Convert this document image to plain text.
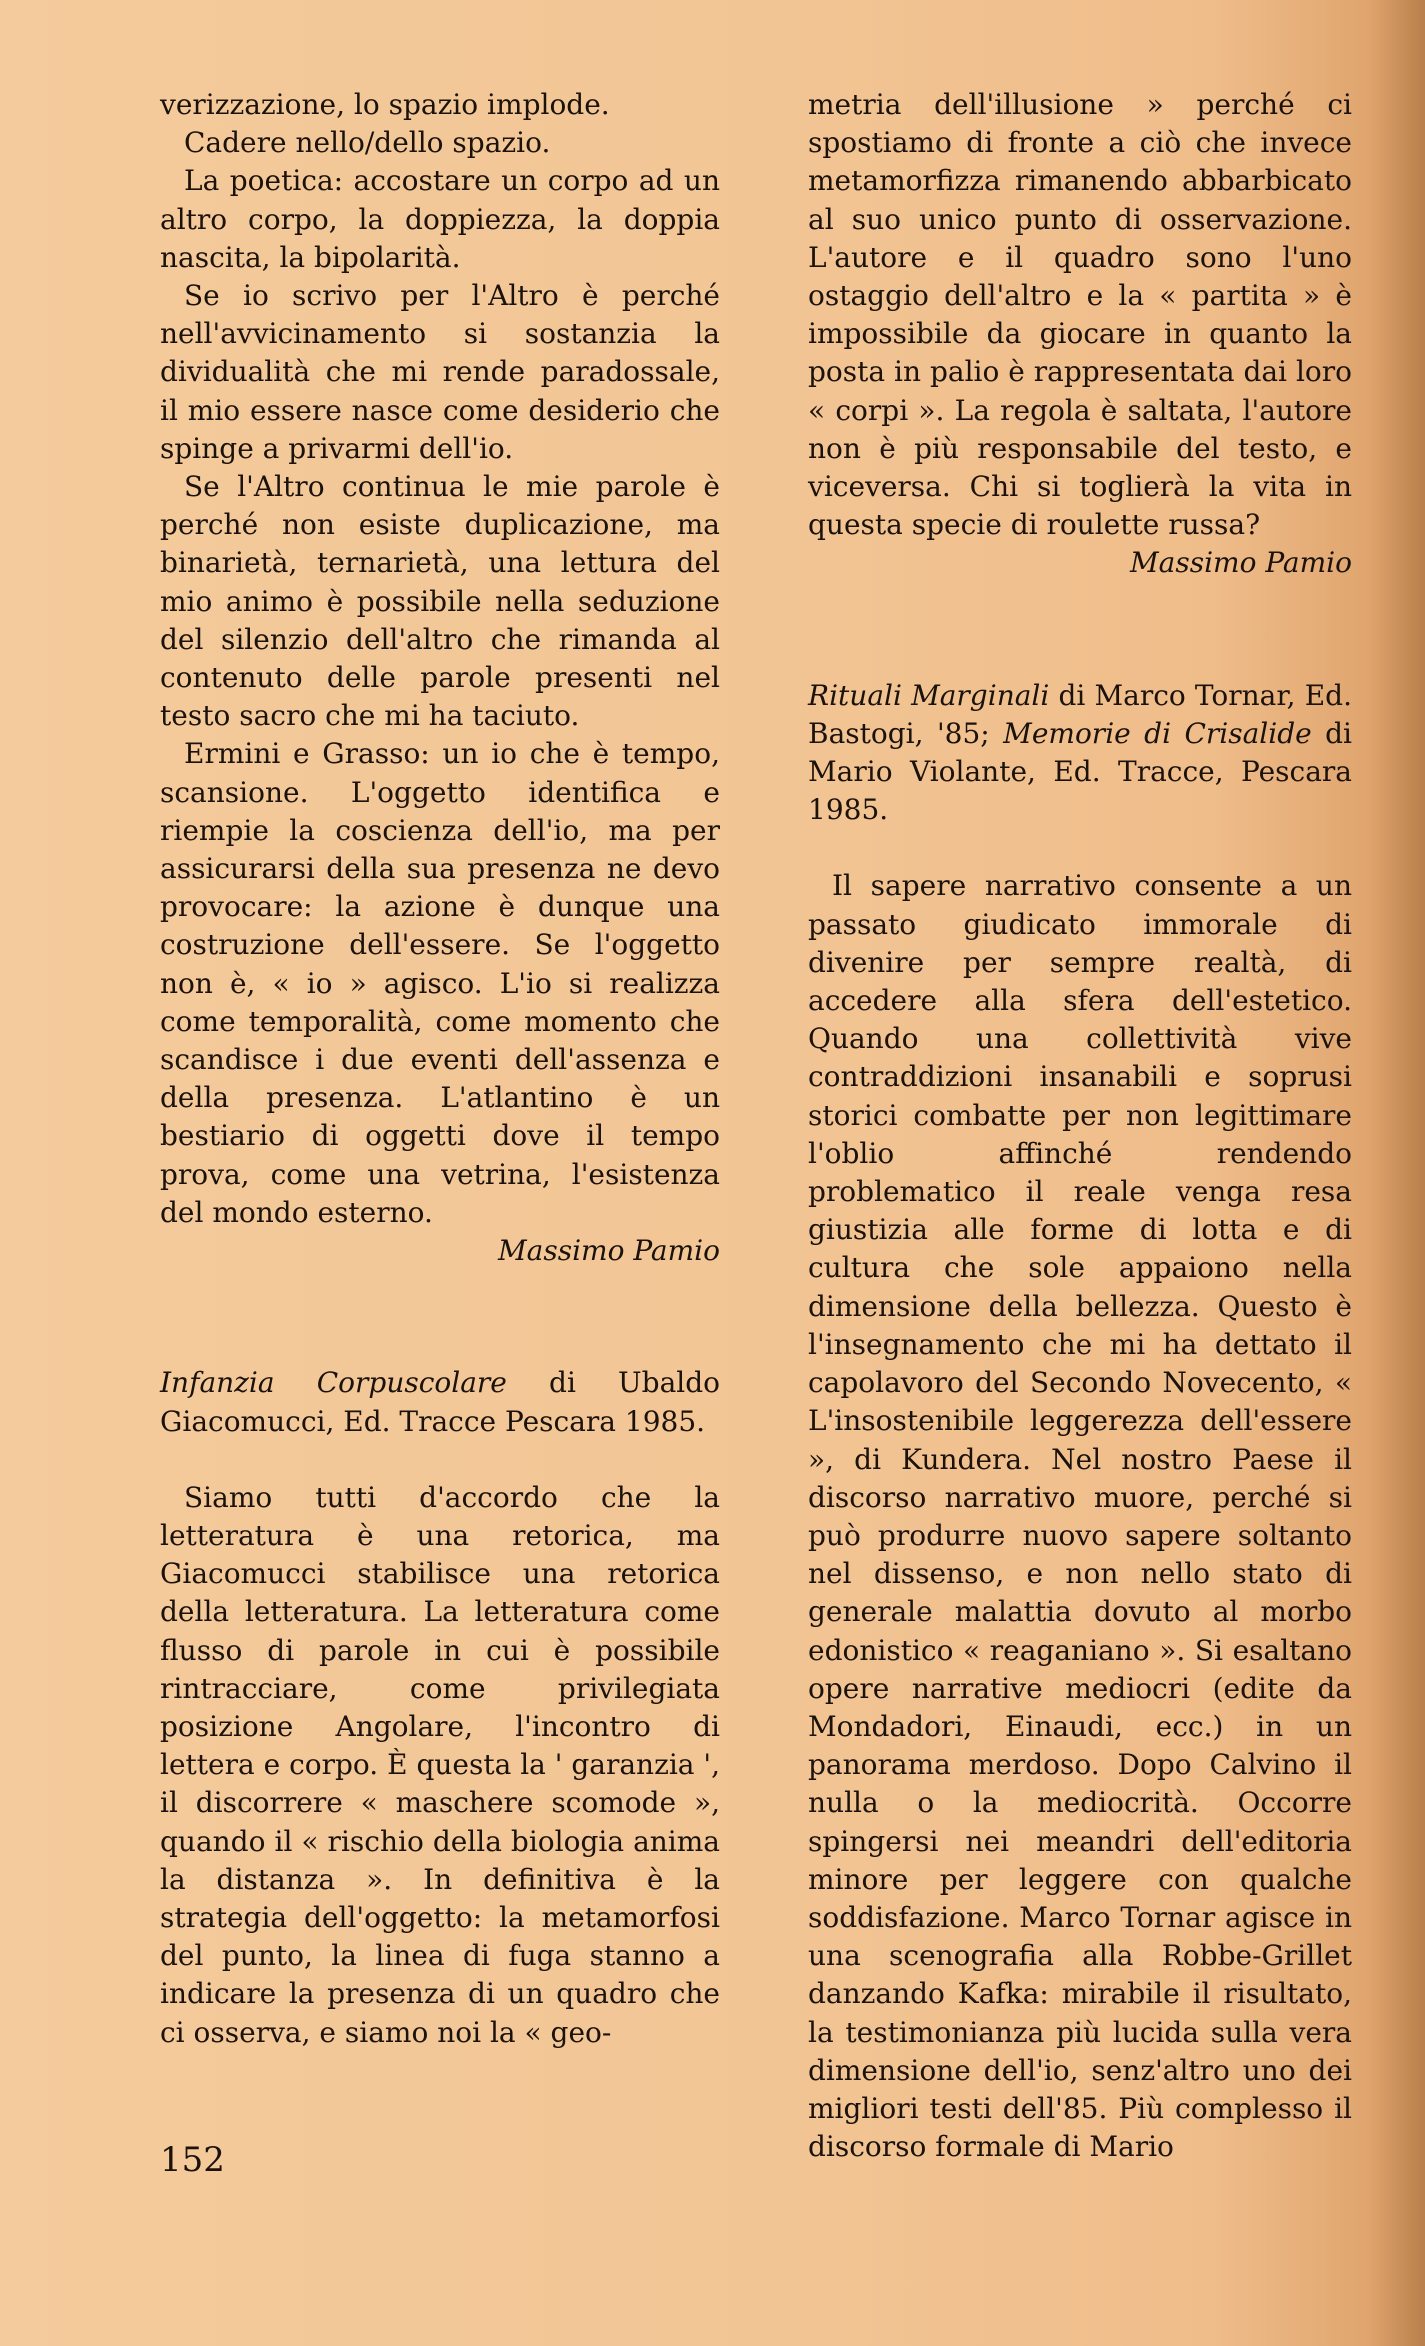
verizzazione, lo spazio implode.

Cadere nello/dello spazio.

La poetica: accostare un corpo ad un altro corpo, la doppiezza, la doppia nascita, la bipolarità.

Se io scrivo per l'Altro è perché nell'avvicinamento si sostanzia la dividualità che mi rende paradossale, il mio essere nasce come desiderio che spinge a privarmi dell'io.

Se l'Altro continua le mie parole è perché non esiste duplicazione, ma binarietà, ternarietà, una lettura del mio animo è possibile nella seduzione del silenzio dell'altro che rimanda al contenuto delle parole presenti nel testo sacro che mi ha taciuto.

Ermini e Grasso: un io che è tempo, scansione. L'oggetto identifica e riempie la coscienza dell'io, ma per assicurarsi della sua presenza ne devo provocare: la azione è dunque una costruzione dell'essere. Se l'oggetto non è, « io » agisco. L'io si realizza come temporalità, come momento che scandisce i due eventi dell'assenza e della presenza. L'atlantino è un bestiario di oggetti dove il tempo prova, come una vetrina, l'esistenza del mondo esterno.

Massimo Pamio

Infanzia Corpuscolare di Ubaldo Giacomucci, Ed. Tracce Pescara 1985.

Siamo tutti d'accordo che la letteratura è una retorica, ma Giacomucci stabilisce una retorica della letteratura. La letteratura come flusso di parole in cui è possibile rintracciare, come privilegiata posizione Angolare, l'incontro di lettera e corpo. È questa la ' garanzia ', il discorrere « maschere scomode », quando il « rischio della biologia anima la distanza ». In definitiva è la strategia dell'oggetto: la metamorfosi del punto, la linea di fuga stanno a indicare la presenza di un quadro che ci osserva, e siamo noi la « geo-

metria dell'illusione » perché ci spostiamo di fronte a ciò che invece metamorfizza rimanendo abbarbicato al suo unico punto di osservazione. L'autore e il quadro sono l'uno ostaggio dell'altro e la « partita » è impossibile da giocare in quanto la posta in palio è rappresentata dai loro « corpi ». La regola è saltata, l'autore non è più responsabile del testo, e viceversa. Chi si toglierà la vita in questa specie di roulette russa?

Massimo Pamio

Rituali Marginali di Marco Tornar, Ed. Bastogi, '85; Memorie di Crisalide di Mario Violante, Ed. Tracce, Pescara 1985.

Il sapere narrativo consente a un passato giudicato immorale di divenire per sempre realtà, di accedere alla sfera dell'estetico. Quando una collettività vive contraddizioni insanabili e soprusi storici combatte per non legittimare l'oblio affinché rendendo problematico il reale venga resa giustizia alle forme di lotta e di cultura che sole appaiono nella dimensione della bellezza. Questo è l'insegnamento che mi ha dettato il capolavoro del Secondo Novecento, « L'insostenibile leggerezza dell'essere », di Kundera. Nel nostro Paese il discorso narrativo muore, perché si può produrre nuovo sapere soltanto nel dissenso, e non nello stato di generale malattia dovuto al morbo edonistico « reaganiano ». Si esaltano opere narrative mediocri (edite da Mondadori, Einaudi, ecc.) in un panorama merdoso. Dopo Calvino il nulla o la mediocrità. Occorre spingersi nei meandri dell'editoria minore per leggere con qualche soddisfazione. Marco Tornar agisce in una scenografia alla Robbe-Grillet danzando Kafka: mirabile il risultato, la testimonianza più lucida sulla vera dimensione dell'io, senz'altro uno dei migliori testi dell'85. Più complesso il discorso formale di Mario

152
